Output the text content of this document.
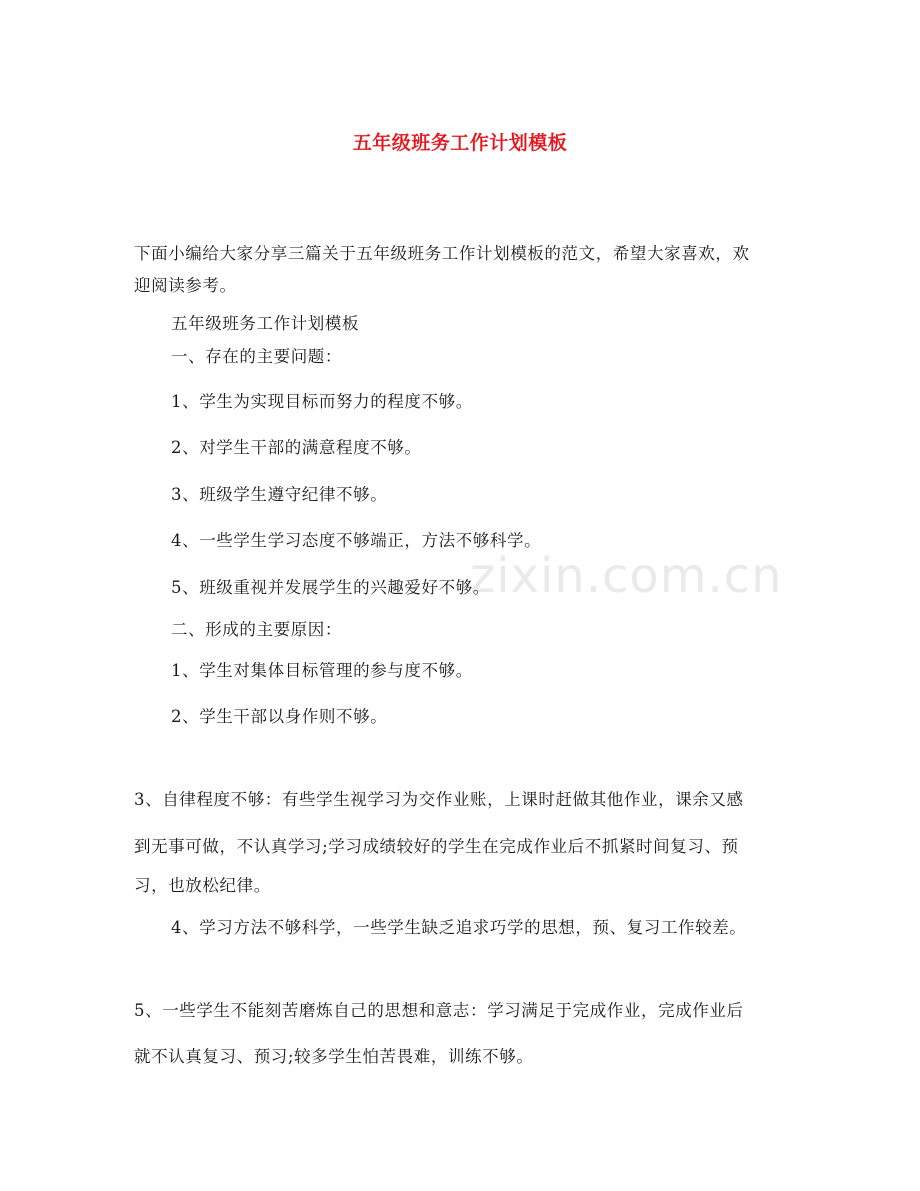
zixin.com.cn
五年级班务工作计划模板
下面小编给大家分享三篇关于五年级班务工作计划模板的范文，希望大家喜欢，欢
迎阅读参考。
五年级班务工作计划模板
一、存在的主要问题：
1、学生为实现目标而努力的程度不够。
2、对学生干部的满意程度不够。
3、班级学生遵守纪律不够。
4、一些学生学习态度不够端正，方法不够科学。
5、班级重视并发展学生的兴趣爱好不够。
二、形成的主要原因：
1、学生对集体目标管理的参与度不够。
2、学生干部以身作则不够。
3、自律程度不够：有些学生视学习为交作业账，上课时赶做其他作业，课余又感
到无事可做，不认真学习;学习成绩较好的学生在完成作业后不抓紧时间复习、预
习，也放松纪律。
4、学习方法不够科学，一些学生缺乏追求巧学的思想，预、复习工作较差。
5、一些学生不能刻苦磨炼自己的思想和意志：学习满足于完成作业，完成作业后
就不认真复习、预习;较多学生怕苦畏难，训练不够。
